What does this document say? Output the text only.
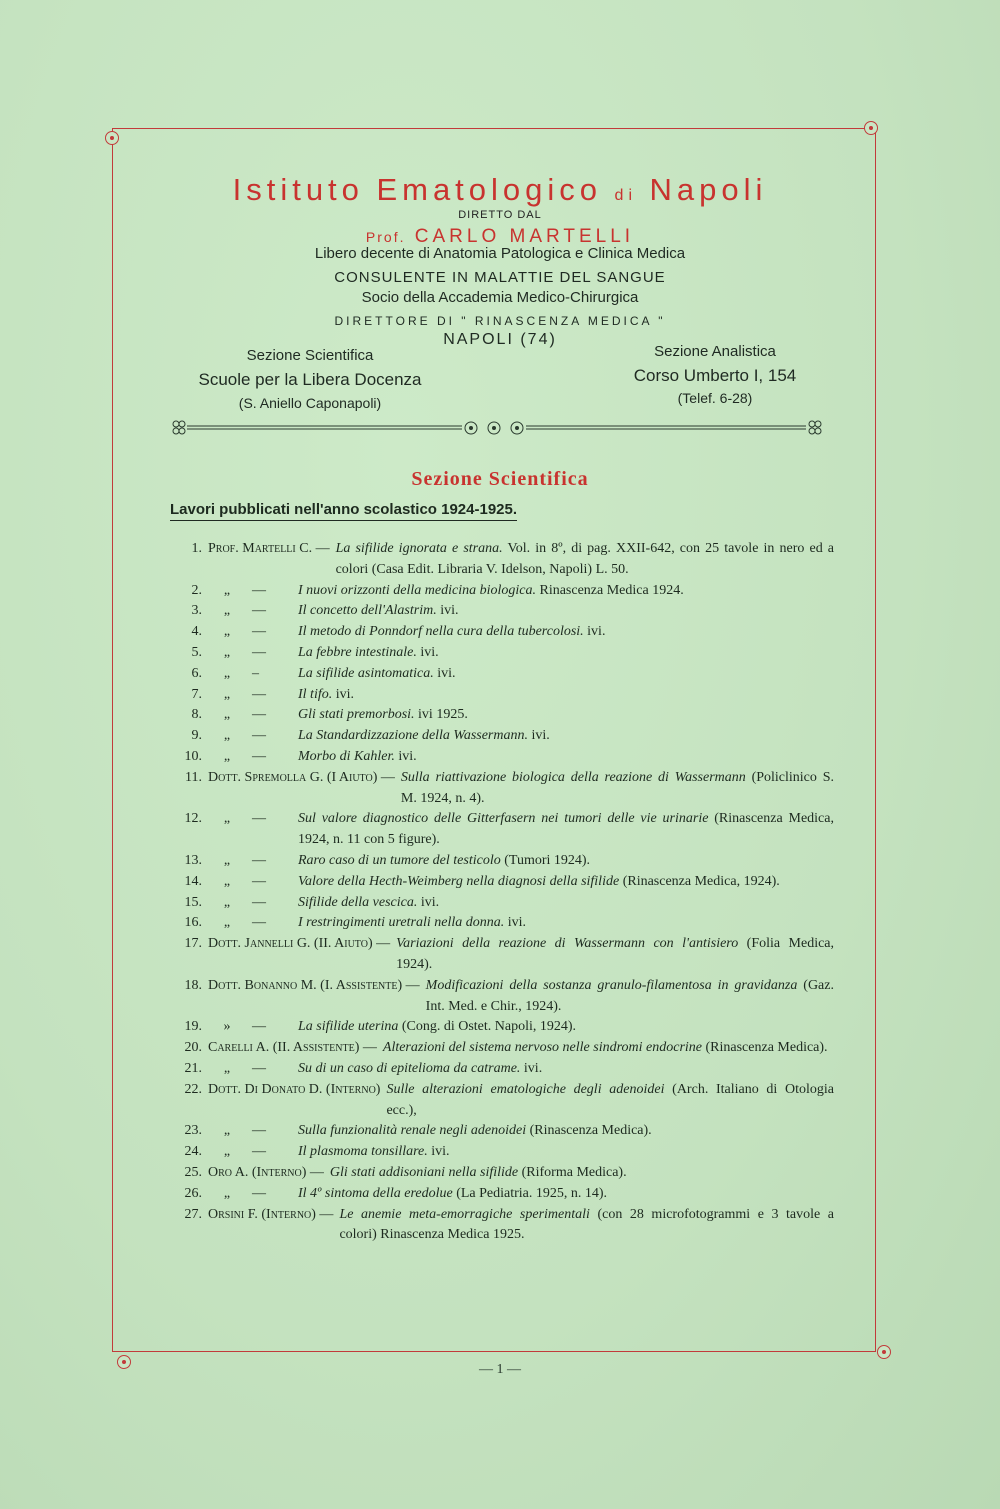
Istituto Ematologico di Napoli
DIRETTO DAL
Prof. CARLO MARTELLI
Libero decente di Anatomia Patologica e Clinica Medica
CONSULENTE IN MALATTIE DEL SANGUE
Socio della Accademia Medico-Chirurgica
DIRETTORE DI " RINASCENZA MEDICA "
NAPOLI (74)
Sezione Scientifica
Scuole per la Libera Docenza
(S. Aniello Caponapoli)
Sezione Analistica
Corso Umberto I, 154
(Telef. 6-28)
Sezione Scientifica
Lavori pubblicati nell'anno scolastico 1924-1925.
1. Prof. Martelli C. — La sifilide ignorata e strana. Vol. in 8º, di pag. XXII-642, con 25 tavole in nero ed a colori (Casa Edit. Libraria V. Idelson, Napoli) L. 50.
2.	„	—	I nuovi orizzonti della medicina biologica. Rinascenza Medica 1924.
3.	„	—	Il concetto dell'Alastrim. ivi.
4.	„	—	Il metodo di Ponndorf nella cura della tubercolosi. ivi.
5.	„	—	La febbre intestinale. ivi.
6.	„	–	La sifilide asintomatica. ivi.
7.	„	—	Il tifo. ivi.
8.	„	—	Gli stati premorbosi. ivi 1925.
9.	„	—	La Standardizzazione della Wassermann. ivi.
10.	„	—	Morbo di Kahler. ivi.
11. Dott. Spremolla G. (I Aiuto) — Sulla riattivazione biologica della reazione di Wassermann (Policlinico S. M. 1924, n. 4).
12.	„	—	Sul valore diagnostico delle Gitterfasern nei tumori delle vie urinarie (Rinascenza Medica, 1924, n. 11 con 5 figure).
13.	„	—	Raro caso di un tumore del testicolo (Tumori 1924).
14.	„	—	Valore della Hecth-Weimberg nella diagnosi della sifilide (Rinascenza Medica, 1924).
15.	„	—	Sifilide della vescica. ivi.
16.	„	—	I restringimenti uretrali nella donna. ivi.
17. Dott. Jannelli G. (II. Aiuto) — Variazioni della reazione di Wassermann con l'antisiero (Folia Medica, 1924).
18. Dott. Bonanno M. (I. Assistente) — Modificazioni della sostanza granulo-filamentosa in gravidanza (Gaz. Int. Med. e Chir., 1924).
19.	»	—	La sifilide uterina (Cong. di Ostet. Napoli, 1924).
20. Carelli A. (II. Assistente) — Alterazioni del sistema nervoso nelle sindromi endocrine (Rinascenza Medica).
21.	„	—	Su di un caso di epitelioma da catrame. ivi.
22. Dott. Di Donato D. (Interno) Sulle alterazioni ematologiche degli adenoidei (Arch. Italiano di Otologia ecc.),
23.	„	—	Sulla funzionalità renale negli adenoidei (Rinascenza Medica).
24.	„	—	Il plasmoma tonsillare. ivi.
25. Oro A. (Interno) — Gli stati addisoniani nella sifilide (Riforma Medica).
26.	„	—	Il 4º sintoma della eredolue (La Pediatria. 1925, n. 14).
27. Orsini F. (Interno) — Le anemie meta-emorragiche sperimentali (con 28 microfotogrammi e 3 tavole a colori) Rinascenza Medica 1925.
— 1 —
